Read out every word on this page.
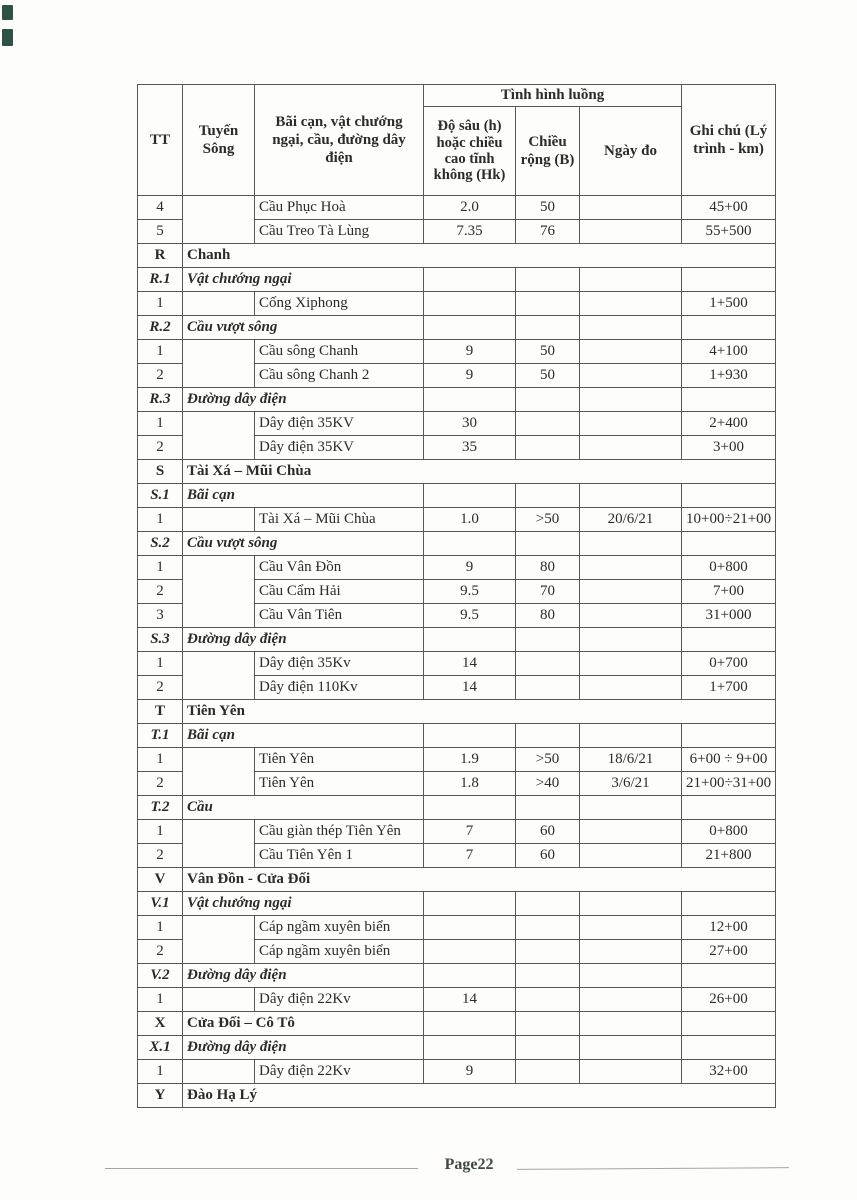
TT	Tuyến Sông	Bãi cạn, vật chướng ngại, cầu, đường dây điện	Tình hình luồng			Ghi chú (Lý trình - km)
			Độ sâu (h) hoặc chiều cao tĩnh không (Hk)	Chiều rộng (B)	Ngày đo	
4		Cầu Phục Hoà	2.0	50		45+00
5		Cầu Treo Tà Lùng	7.35	76		55+500
R	Chanh					
R.1	Vật chướng ngại					
1		Cống Xiphong				1+500
R.2	Cầu vượt sông					
1		Cầu sông Chanh	9	50		4+100
2		Cầu sông Chanh 2	9	50		1+930
R.3	Đường dây điện					
1		Dây điện 35KV	30			2+400
2		Dây điện 35KV	35			3+00
S	Tài Xá – Mũi Chùa					
S.1	Bãi cạn					
1		Tài Xá – Mũi Chùa	1.0	>50	20/6/21	10+00÷21+00
S.2	Cầu vượt sông					
1		Cầu Vân Đồn	9	80		0+800
2		Cầu Cẩm Hải	9.5	70		7+00
3		Cầu Vân Tiên	9.5	80		31+000
S.3	Đường dây điện					
1		Dây điện 35Kv	14			0+700
2		Dây điện 110Kv	14			1+700
T	Tiên Yên					
T.1	Bãi cạn					
1		Tiên Yên	1.9	>50	18/6/21	6+00 ÷ 9+00
2		Tiên Yên	1.8	>40	3/6/21	21+00÷31+00
T.2	Cầu					
1		Cầu giàn thép Tiên Yên	7	60		0+800
2		Cầu Tiên Yên 1	7	60		21+800
V	Vân Đồn - Cửa Đối					
V.1	Vật chướng ngại					
1		Cáp ngầm xuyên biển				12+00
2		Cáp ngầm xuyên biển				27+00
V.2	Đường dây điện					
1		Dây điện 22Kv	14			26+00
X	Cửa Đối – Cô Tô					
X.1	Đường dây điện					
1		Dây điện 22Kv	9			32+00
Y	Đào Hạ Lý					
Page22
